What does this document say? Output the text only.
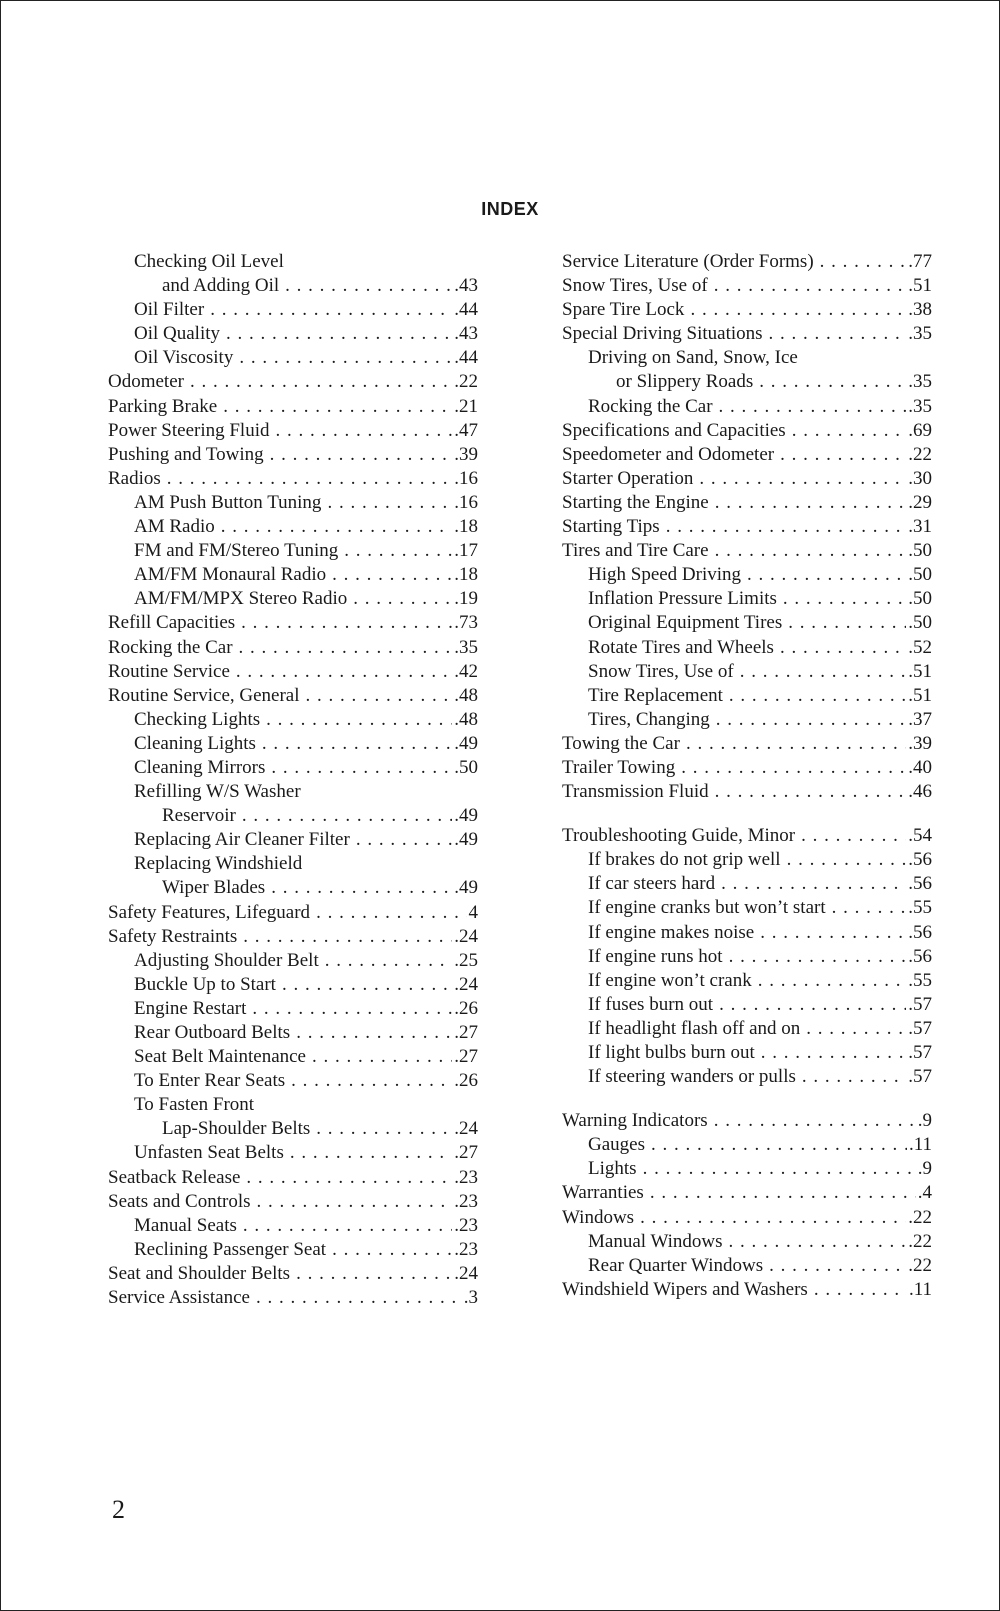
INDEX
Checking Oil Level
and Adding Oil . . .	.43
Oil Filter . . .	.44
Oil Quality . . .	.43
Oil Viscosity . . .	.44
Odometer . . .	.22
Parking Brake . . .	.21
Power Steering Fluid . . .	.47
Pushing and Towing . . .	.39
Radios . . .	.16
AM Push Button Tuning . . .	.16
AM Radio . . .	.18
FM and FM/Stereo Tuning . . .	.17
AM/FM Monaural Radio . . .	.18
AM/FM/MPX Stereo Radio . . .	.19
Refill Capacities . . .	.73
Rocking the Car . . .	.35
Routine Service . . .	.42
Routine Service, General . . .	.48
Checking Lights . . .	.48
Cleaning Lights . . .	.49
Cleaning Mirrors . . .	.50
Refilling W/S Washer
Reservoir . . .	.49
Replacing Air Cleaner Filter . . .	.49
Replacing Windshield
Wiper Blades . . .	.49
Safety Features, Lifeguard . . .	4
Safety Restraints . . .	.24
Adjusting Shoulder Belt . . .	.25
Buckle Up to Start . . .	.24
Engine Restart . . .	.26
Rear Outboard Belts . . .	.27
Seat Belt Maintenance . . .	.27
To Enter Rear Seats . . .	.26
To Fasten Front
Lap-Shoulder Belts . . .	.24
Unfasten Seat Belts . . .	.27
Seatback Release . . .	.23
Seats and Controls . . .	.23
Manual Seats . . .	.23
Reclining Passenger Seat . . .	.23
Seat and Shoulder Belts . . .	.24
Service Assistance . . .	.3
Service Literature (Order Forms) . . .	.77
Snow Tires, Use of . . .	.51
Spare Tire Lock . . .	.38
Special Driving Situations . . .	.35
Driving on Sand, Snow, Ice
or Slippery Roads . . .	.35
Rocking the Car . . .	.35
Specifications and Capacities . . .	.69
Speedometer and Odometer . . .	.22
Starter Operation . . .	.30
Starting the Engine . . .	.29
Starting Tips . . .	.31
Tires and Tire Care . . .	.50
High Speed Driving . . .	.50
Inflation Pressure Limits . . .	.50
Original Equipment Tires . . .	.50
Rotate Tires and Wheels . . .	.52
Snow Tires, Use of . . .	.51
Tire Replacement . . .	.51
Tires, Changing . . .	.37
Towing the Car . . .	.39
Trailer Towing . . .	.40
Transmission Fluid . . .	.46
Troubleshooting Guide, Minor . . .	.54
If brakes do not grip well . . .	.56
If car steers hard . . .	.56
If engine cranks but won’t start . . .	.55
If engine makes noise . . .	.56
If engine runs hot . . .	.56
If engine won’t crank . . .	.55
If fuses burn out . . .	.57
If headlight flash off and on . . .	.57
If light bulbs burn out . . .	.57
If steering wanders or pulls . . .	.57
Warning Indicators . . .	.9
Gauges . . .	.11
Lights . . .	.9
Warranties . . .	.4
Windows . . .	.22
Manual Windows . . .	.22
Rear Quarter Windows . . .	.22
Windshield Wipers and Washers . . .	.11
2
